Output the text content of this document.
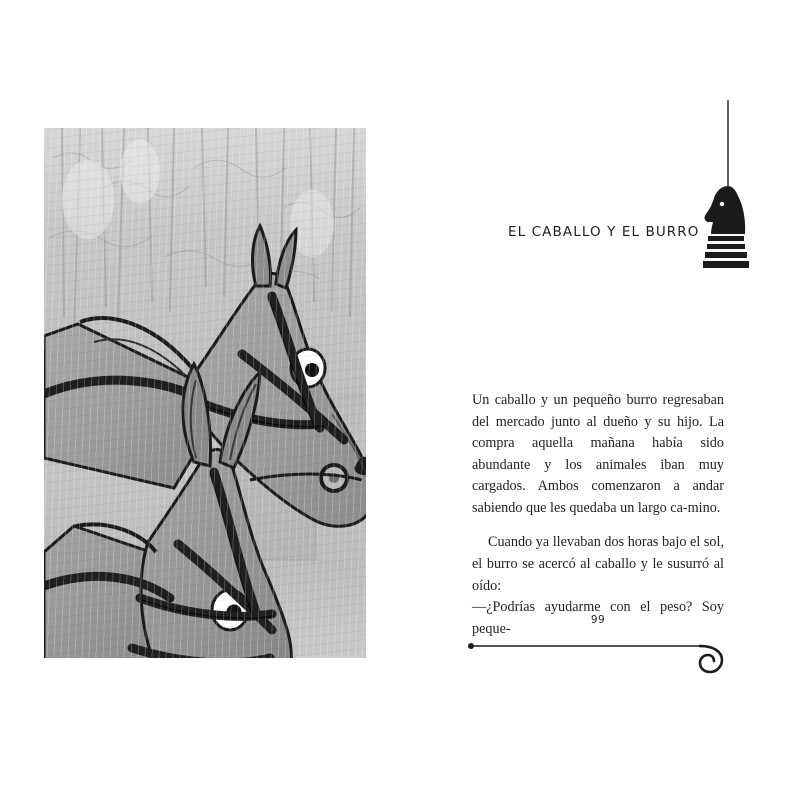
EL CABALLO Y EL BURRO

Un caballo y un pequeño burro regresaban del mercado junto al dueño y su hijo. La compra aquella mañana había sido abundante y los animales iban muy cargados. Ambos comenzaron a andar sabiendo que les quedaba un largo ca-mino.

Cuando ya llevaban dos horas bajo el sol, el burro se acercó al caballo y le susurró al oído:

—¿Podrías ayudarme con el peso? Soy peque-

99
